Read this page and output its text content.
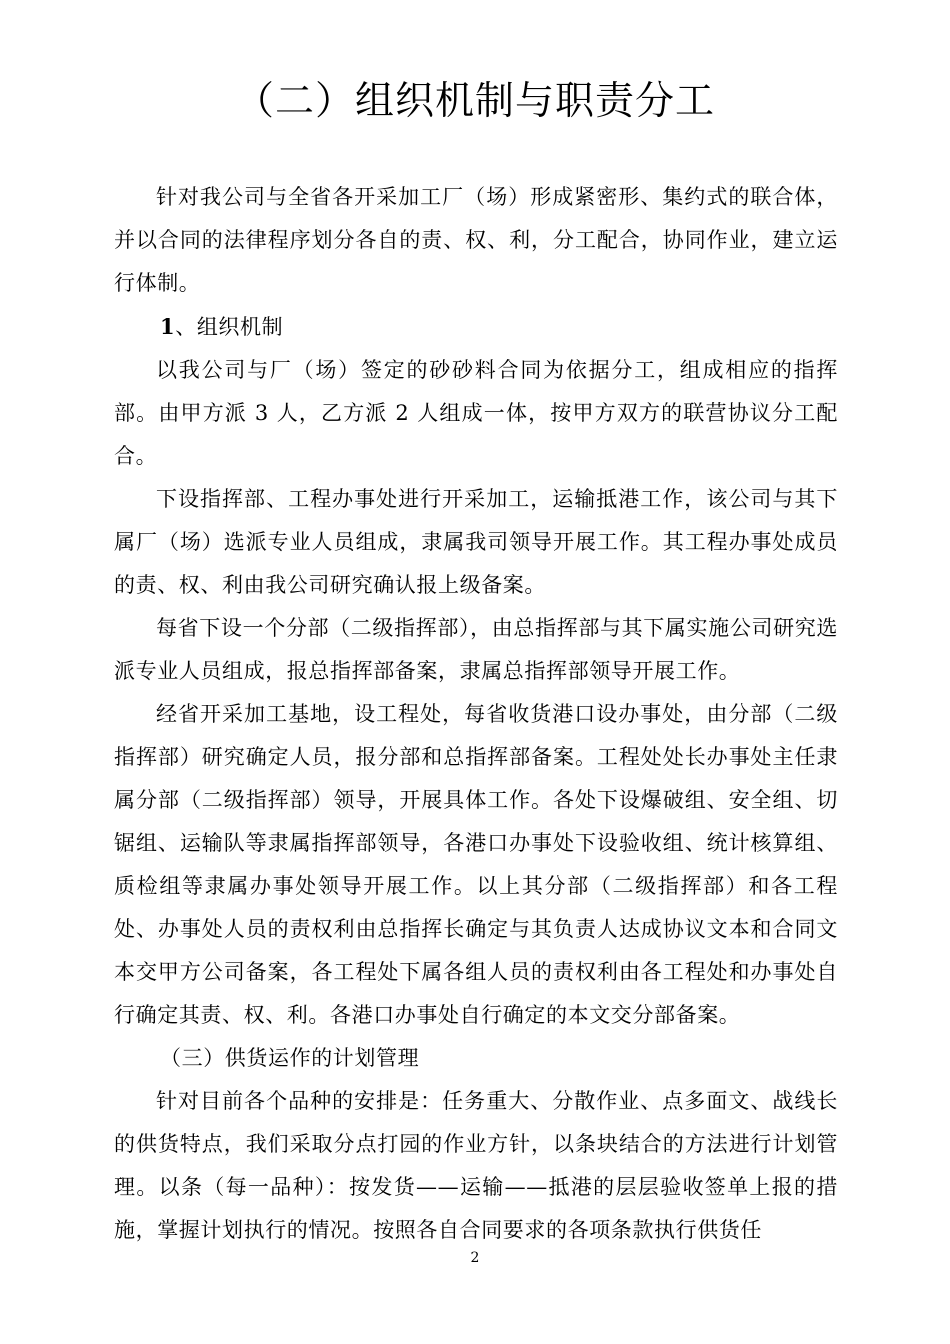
（二）组织机制与职责分工

针对我公司与全省各开采加工厂（场）形成紧密形、集约式的联合体，并以合同的法律程序划分各自的责、权、利，分工配合，协同作业，建立运行体制。

1、组织机制

以我公司与厂（场）签定的砂砂料合同为依据分工，组成相应的指挥部。由甲方派 3 人，乙方派 2 人组成一体，按甲方双方的联营协议分工配合。

下设指挥部、工程办事处进行开采加工，运输抵港工作，该公司与其下属厂（场）选派专业人员组成，隶属我司领导开展工作。其工程办事处成员的责、权、利由我公司研究确认报上级备案。

每省下设一个分部（二级指挥部），由总指挥部与其下属实施公司研究选派专业人员组成，报总指挥部备案，隶属总指挥部领导开展工作。

经省开采加工基地，设工程处，每省收货港口设办事处，由分部（二级指挥部）研究确定人员，报分部和总指挥部备案。工程处处长办事处主任隶属分部（二级指挥部）领导，开展具体工作。各处下设爆破组、安全组、切锯组、运输队等隶属指挥部领导，各港口办事处下设验收组、统计核算组、质检组等隶属办事处领导开展工作。以上其分部（二级指挥部）和各工程处、办事处人员的责权利由总指挥长确定与其负责人达成协议文本和合同文本交甲方公司备案，各工程处下属各组人员的责权利由各工程处和办事处自行确定其责、权、利。各港口办事处自行确定的本文交分部备案。

（三）供货运作的计划管理

针对目前各个品种的安排是：任务重大、分散作业、点多面文、战线长的供货特点，我们采取分点打园的作业方针，以条块结合的方法进行计划管理。以条（每一品种）：按发货——运输——抵港的层层验收签单上报的措施，掌握计划执行的情况。按照各自合同要求的各项条款执行供货任

2
